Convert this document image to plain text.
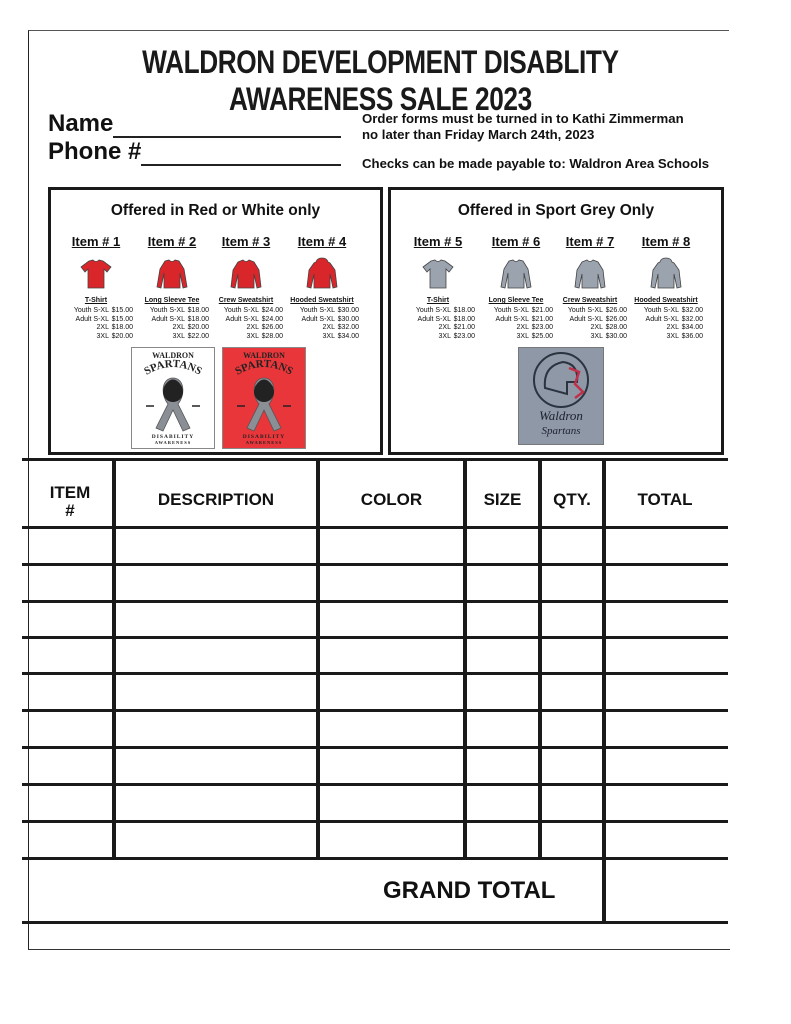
WALDRON DEVELOPMENT DISABLITY AWARENESS SALE 2023
Name
Phone #
Order forms must be turned in to Kathi Zimmerman
no later than Friday March 24th, 2023
Checks can be made payable to: Waldron Area Schools
Offered in Red or White only
Item # 1
T-Shirt
Youth S-XL $15.00
Adult S-XL $15.00
2XL $18.00
3XL $20.00
Item # 2
Long Sleeve Tee
Youth S-XL $18.00
Adult S-XL $18.00
2XL $20.00
3XL $22.00
Item # 3
Crew Sweatshirt
Youth S-XL $24.00
Adult S-XL $24.00
2XL $26.00
3XL $28.00
Item # 4
Hooded Sweatshirt
Youth S-XL $30.00
Adult S-XL $30.00
2XL $32.00
3XL $34.00
WALDRON
SPARTANS
DISABILITY
AWARENESS
WALDRON
SPARTANS
DISABILITY
AWARENESS
Offered in Sport Grey Only
Item # 5
T-Shirt
Youth S-XL $18.00
Adult S-XL $18.00
2XL $21.00
3XL $23.00
Item # 6
Long Sleeve Tee
Youth S-XL $21.00
Adult S-XL $21.00
2XL $23.00
3XL $25.00
Item # 7
Crew Sweatshirt
Youth S-XL $26.00
Adult S-XL $26.00
2XL $28.00
3XL $30.00
Item # 8
Hooded Sweatshirt
Youth S-XL $32.00
Adult S-XL $32.00
2XL $34.00
3XL $36.00
Waldron
Spartans
ITEM
#
DESCRIPTION	COLOR	SIZE	QTY.	TOTAL
GRAND TOTAL
